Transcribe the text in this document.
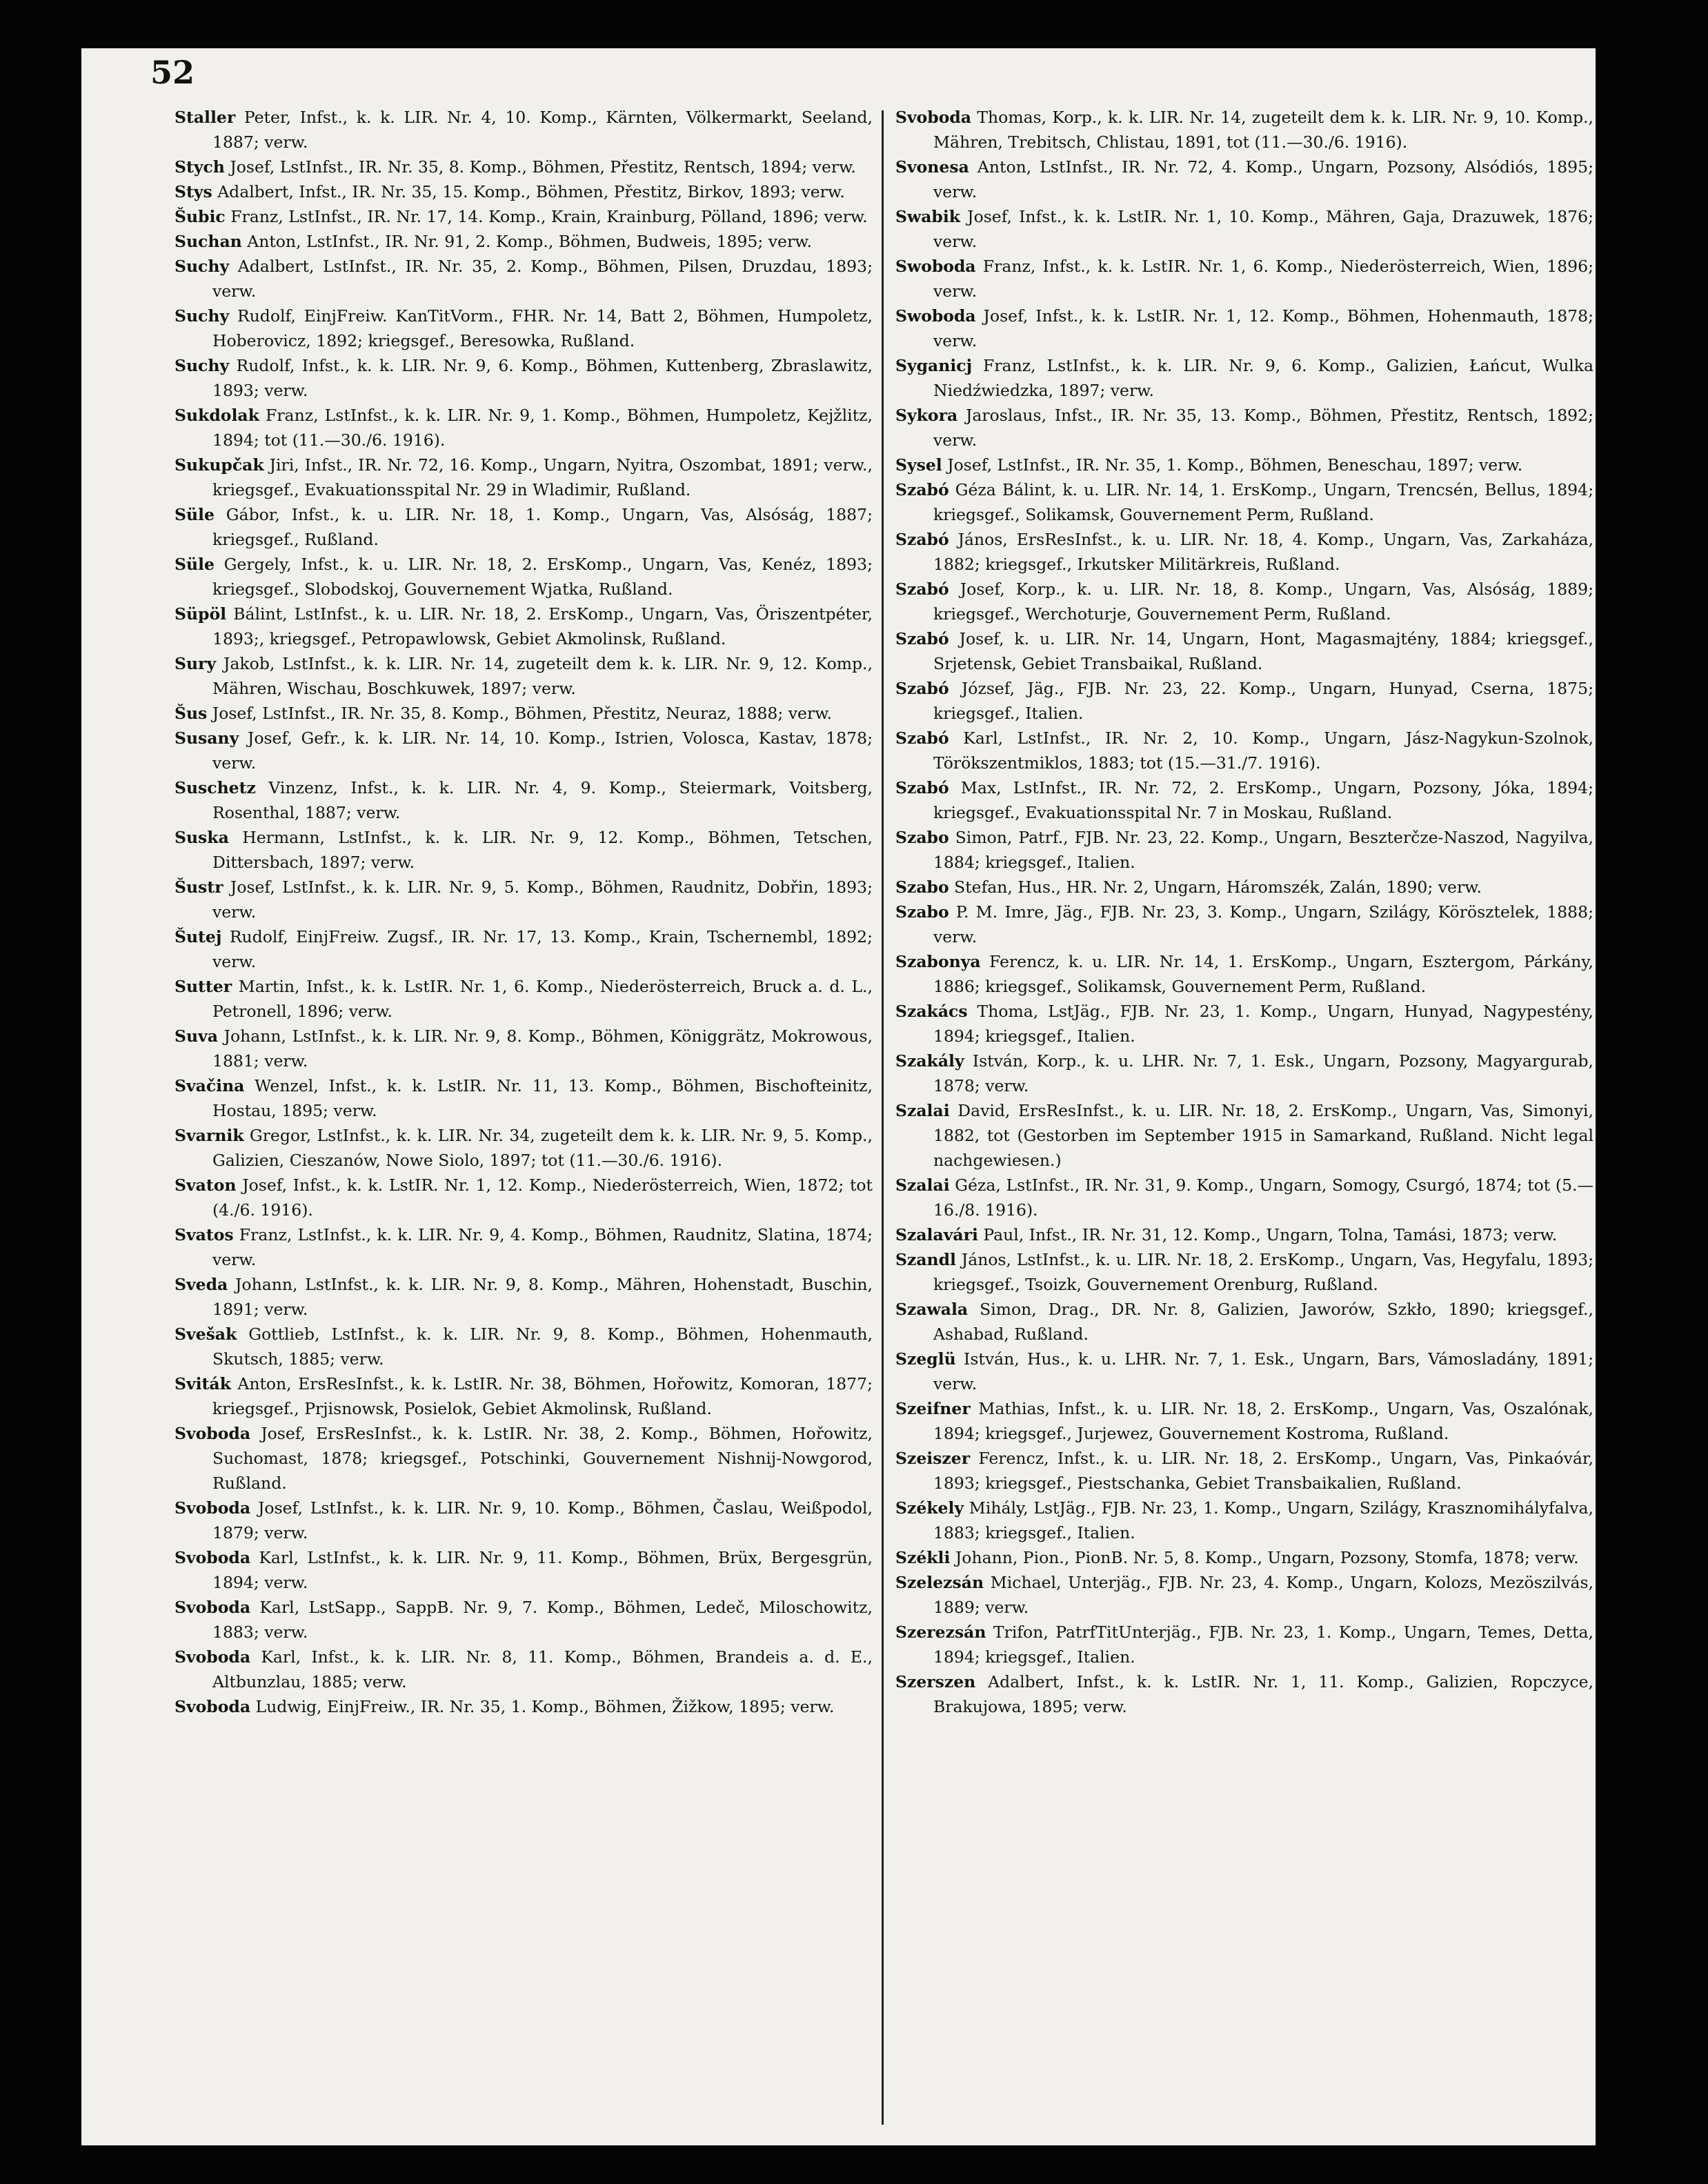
52

Staller Peter, Infst., k. k. LIR. Nr. 4, 10. Komp., Kärnten, Völkermarkt, Seeland, 1887; verw.

Stych Josef, LstInfst., IR. Nr. 35, 8. Komp., Böhmen, Přestitz, Rentsch, 1894; verw.

Stys Adalbert, Infst., IR. Nr. 35, 15. Komp., Böhmen, Přestitz, Birkov, 1893; verw.

Šubic Franz, LstInfst., IR. Nr. 17, 14. Komp., Krain, Krainburg, Pölland, 1896; verw.

Suchan Anton, LstInfst., IR. Nr. 91, 2. Komp., Böhmen, Budweis, 1895; verw.

Suchy Adalbert, LstInfst., IR. Nr. 35, 2. Komp., Böhmen, Pilsen, Druzdau, 1893; verw.

Suchy Rudolf, EinjFreiw. KanTitVorm., FHR. Nr. 14, Batt 2, Böhmen, Humpoletz, Hoberovicz, 1892; kriegsgef., Beresowka, Rußland.

Suchy Rudolf, Infst., k. k. LIR. Nr. 9, 6. Komp., Böhmen, Kuttenberg, Zbraslawitz, 1893; verw.

Sukdolak Franz, LstInfst., k. k. LIR. Nr. 9, 1. Komp., Böhmen, Humpoletz, Kejžlitz, 1894; tot (11.—30./6. 1916).

Sukupčak Jiri, Infst., IR. Nr. 72, 16. Komp., Ungarn, Nyitra, Oszombat, 1891; verw., kriegsgef., Evakuationsspital Nr. 29 in Wladimir, Rußland.

Süle Gábor, Infst., k. u. LIR. Nr. 18, 1. Komp., Ungarn, Vas, Alsóság, 1887; kriegsgef., Rußland.

Süle Gergely, Infst., k. u. LIR. Nr. 18, 2. ErsKomp., Ungarn, Vas, Kenéz, 1893; kriegsgef., Slobodskoj, Gouvernement Wjatka, Rußland.

Süpöl Bálint, LstInfst., k. u. LIR. Nr. 18, 2. ErsKomp., Ungarn, Vas, Öriszentpéter, 1893;, kriegsgef., Petropawlowsk, Gebiet Akmolinsk, Rußland.

Sury Jakob, LstInfst., k. k. LIR. Nr. 14, zugeteilt dem k. k. LIR. Nr. 9, 12. Komp., Mähren, Wischau, Boschkuwek, 1897; verw.

Šus Josef, LstInfst., IR. Nr. 35, 8. Komp., Böhmen, Přestitz, Neuraz, 1888; verw.

Susany Josef, Gefr., k. k. LIR. Nr. 14, 10. Komp., Istrien, Volosca, Kastav, 1878; verw.

Suschetz Vinzenz, Infst., k. k. LIR. Nr. 4, 9. Komp., Steiermark, Voitsberg, Rosenthal, 1887; verw.

Suska Hermann, LstInfst., k. k. LIR. Nr. 9, 12. Komp., Böhmen, Tetschen, Dittersbach, 1897; verw.

Šustr Josef, LstInfst., k. k. LIR. Nr. 9, 5. Komp., Böhmen, Raudnitz, Dobřin, 1893; verw.

Šutej Rudolf, EinjFreiw. Zugsf., IR. Nr. 17, 13. Komp., Krain, Tschernembl, 1892; verw.

Sutter Martin, Infst., k. k. LstIR. Nr. 1, 6. Komp., Niederösterreich, Bruck a. d. L., Petronell, 1896; verw.

Suva Johann, LstInfst., k. k. LIR. Nr. 9, 8. Komp., Böhmen, Königgrätz, Mokrowous, 1881; verw.

Svačina Wenzel, Infst., k. k. LstIR. Nr. 11, 13. Komp., Böhmen, Bischofteinitz, Hostau, 1895; verw.

Svarnik Gregor, LstInfst., k. k. LIR. Nr. 34, zugeteilt dem k. k. LIR. Nr. 9, 5. Komp., Galizien, Cieszanów, Nowe Siolo, 1897; tot (11.—30./6. 1916).

Svaton Josef, Infst., k. k. LstIR. Nr. 1, 12. Komp., Niederösterreich, Wien, 1872; tot (4./6. 1916).

Svatos Franz, LstInfst., k. k. LIR. Nr. 9, 4. Komp., Böhmen, Raudnitz, Slatina, 1874; verw.

Sveda Johann, LstInfst., k. k. LIR. Nr. 9, 8. Komp., Mähren, Hohenstadt, Buschin, 1891; verw.

Svešak Gottlieb, LstInfst., k. k. LIR. Nr. 9, 8. Komp., Böhmen, Hohenmauth, Skutsch, 1885; verw.

Sviták Anton, ErsResInfst., k. k. LstIR. Nr. 38, Böhmen, Hořowitz, Komoran, 1877; kriegsgef., Prjisnowsk, Posielok, Gebiet Akmolinsk, Rußland.

Svoboda Josef, ErsResInfst., k. k. LstIR. Nr. 38, 2. Komp., Böhmen, Hořowitz, Suchomast, 1878; kriegsgef., Potschinki, Gouvernement Nishnij-Nowgorod, Rußland.

Svoboda Josef, LstInfst., k. k. LIR. Nr. 9, 10. Komp., Böhmen, Časlau, Weißpodol, 1879; verw.

Svoboda Karl, LstInfst., k. k. LIR. Nr. 9, 11. Komp., Böhmen, Brüx, Bergesgrün, 1894; verw.

Svoboda Karl, LstSapp., SappB. Nr. 9, 7. Komp., Böhmen, Ledeč, Miloschowitz, 1883; verw.

Svoboda Karl, Infst., k. k. LIR. Nr. 8, 11. Komp., Böhmen, Brandeis a. d. E., Altbunzlau, 1885; verw.

Svoboda Ludwig, EinjFreiw., IR. Nr. 35, 1. Komp., Böhmen, Žižkow, 1895; verw.

Svoboda Thomas, Korp., k. k. LIR. Nr. 14, zugeteilt dem k. k. LIR. Nr. 9, 10. Komp., Mähren, Trebitsch, Chlistau, 1891, tot (11.—30./6. 1916).

Svonesa Anton, LstInfst., IR. Nr. 72, 4. Komp., Ungarn, Pozsony, Alsódiós, 1895; verw.

Swabik Josef, Infst., k. k. LstIR. Nr. 1, 10. Komp., Mähren, Gaja, Drazuwek, 1876; verw.

Swoboda Franz, Infst., k. k. LstIR. Nr. 1, 6. Komp., Niederösterreich, Wien, 1896; verw.

Swoboda Josef, Infst., k. k. LstIR. Nr. 1, 12. Komp., Böhmen, Hohenmauth, 1878; verw.

Syganicj Franz, LstInfst., k. k. LIR. Nr. 9, 6. Komp., Galizien, Łańcut, Wulka Niedźwiedzka, 1897; verw.

Sykora Jaroslaus, Infst., IR. Nr. 35, 13. Komp., Böhmen, Přestitz, Rentsch, 1892; verw.

Sysel Josef, LstInfst., IR. Nr. 35, 1. Komp., Böhmen, Beneschau, 1897; verw.

Szabó Géza Bálint, k. u. LIR. Nr. 14, 1. ErsKomp., Ungarn, Trencsén, Bellus, 1894; kriegsgef., Solikamsk, Gouvernement Perm, Rußland.

Szabó János, ErsResInfst., k. u. LIR. Nr. 18, 4. Komp., Ungarn, Vas, Zarkaháza, 1882; kriegsgef., Irkutsker Militärkreis, Rußland.

Szabó Josef, Korp., k. u. LIR. Nr. 18, 8. Komp., Ungarn, Vas, Alsóság, 1889; kriegsgef., Werchoturje, Gouvernement Perm, Rußland.

Szabó Josef, k. u. LIR. Nr. 14, Ungarn, Hont, Magasmajtény, 1884; kriegsgef., Srjetensk, Gebiet Transbaikal, Rußland.

Szabó József, Jäg., FJB. Nr. 23, 22. Komp., Ungarn, Hunyad, Cserna, 1875; kriegsgef., Italien.

Szabó Karl, LstInfst., IR. Nr. 2, 10. Komp., Ungarn, Jász-Nagykun-Szolnok, Törökszentmiklos, 1883; tot (15.—31./7. 1916).

Szabó Max, LstInfst., IR. Nr. 72, 2. ErsKomp., Ungarn, Pozsony, Jóka, 1894; kriegsgef., Evakuationsspital Nr. 7 in Moskau, Rußland.

Szabo Simon, Patrf., FJB. Nr. 23, 22. Komp., Ungarn, Beszterčze-Naszod, Nagyilva, 1884; kriegsgef., Italien.

Szabo Stefan, Hus., HR. Nr. 2, Ungarn, Háromszék, Zalán, 1890; verw.

Szabo P. M. Imre, Jäg., FJB. Nr. 23, 3. Komp., Ungarn, Szilágy, Körösztelek, 1888; verw.

Szabonya Ferencz, k. u. LIR. Nr. 14, 1. ErsKomp., Ungarn, Esztergom, Párkány, 1886; kriegsgef., Solikamsk, Gouvernement Perm, Rußland.

Szakács Thoma, LstJäg., FJB. Nr. 23, 1. Komp., Ungarn, Hunyad, Nagypestény, 1894; kriegsgef., Italien.

Szakály István, Korp., k. u. LHR. Nr. 7, 1. Esk., Ungarn, Pozsony, Magyargurab, 1878; verw.

Szalai David, ErsResInfst., k. u. LIR. Nr. 18, 2. ErsKomp., Ungarn, Vas, Simonyi, 1882, tot (Gestorben im September 1915 in Samarkand, Rußland. Nicht legal nachgewiesen.)

Szalai Géza, LstInfst., IR. Nr. 31, 9. Komp., Ungarn, Somogy, Csurgó, 1874; tot (5.—16./8. 1916).

Szalavári Paul, Infst., IR. Nr. 31, 12. Komp., Ungarn, Tolna, Tamási, 1873; verw.

Szandl János, LstInfst., k. u. LIR. Nr. 18, 2. ErsKomp., Ungarn, Vas, Hegyfalu, 1893; kriegsgef., Tsoizk, Gouvernement Orenburg, Rußland.

Szawala Simon, Drag., DR. Nr. 8, Galizien, Jaworów, Szkło, 1890; kriegsgef., Ashabad, Rußland.

Szeglü István, Hus., k. u. LHR. Nr. 7, 1. Esk., Ungarn, Bars, Vámosladány, 1891; verw.

Szeifner Mathias, Infst., k. u. LIR. Nr. 18, 2. ErsKomp., Ungarn, Vas, Oszalónak, 1894; kriegsgef., Jurjewez, Gouvernement Kostroma, Rußland.

Szeiszer Ferencz, Infst., k. u. LIR. Nr. 18, 2. ErsKomp., Ungarn, Vas, Pinkaóvár, 1893; kriegsgef., Piestschanka, Gebiet Transbaikalien, Rußland.

Székely Mihály, LstJäg., FJB. Nr. 23, 1. Komp., Ungarn, Szilágy, Krasznomihályfalva, 1883; kriegsgef., Italien.

Székli Johann, Pion., PionB. Nr. 5, 8. Komp., Ungarn, Pozsony, Stomfa, 1878; verw.

Szelezsán Michael, Unterjäg., FJB. Nr. 23, 4. Komp., Ungarn, Kolozs, Mezöszilvás, 1889; verw.

Szerezsán Trifon, PatrfTitUnterjäg., FJB. Nr. 23, 1. Komp., Ungarn, Temes, Detta, 1894; kriegsgef., Italien.

Szerszen Adalbert, Infst., k. k. LstIR. Nr. 1, 11. Komp., Galizien, Ropczyce, Brakujowa, 1895; verw.
